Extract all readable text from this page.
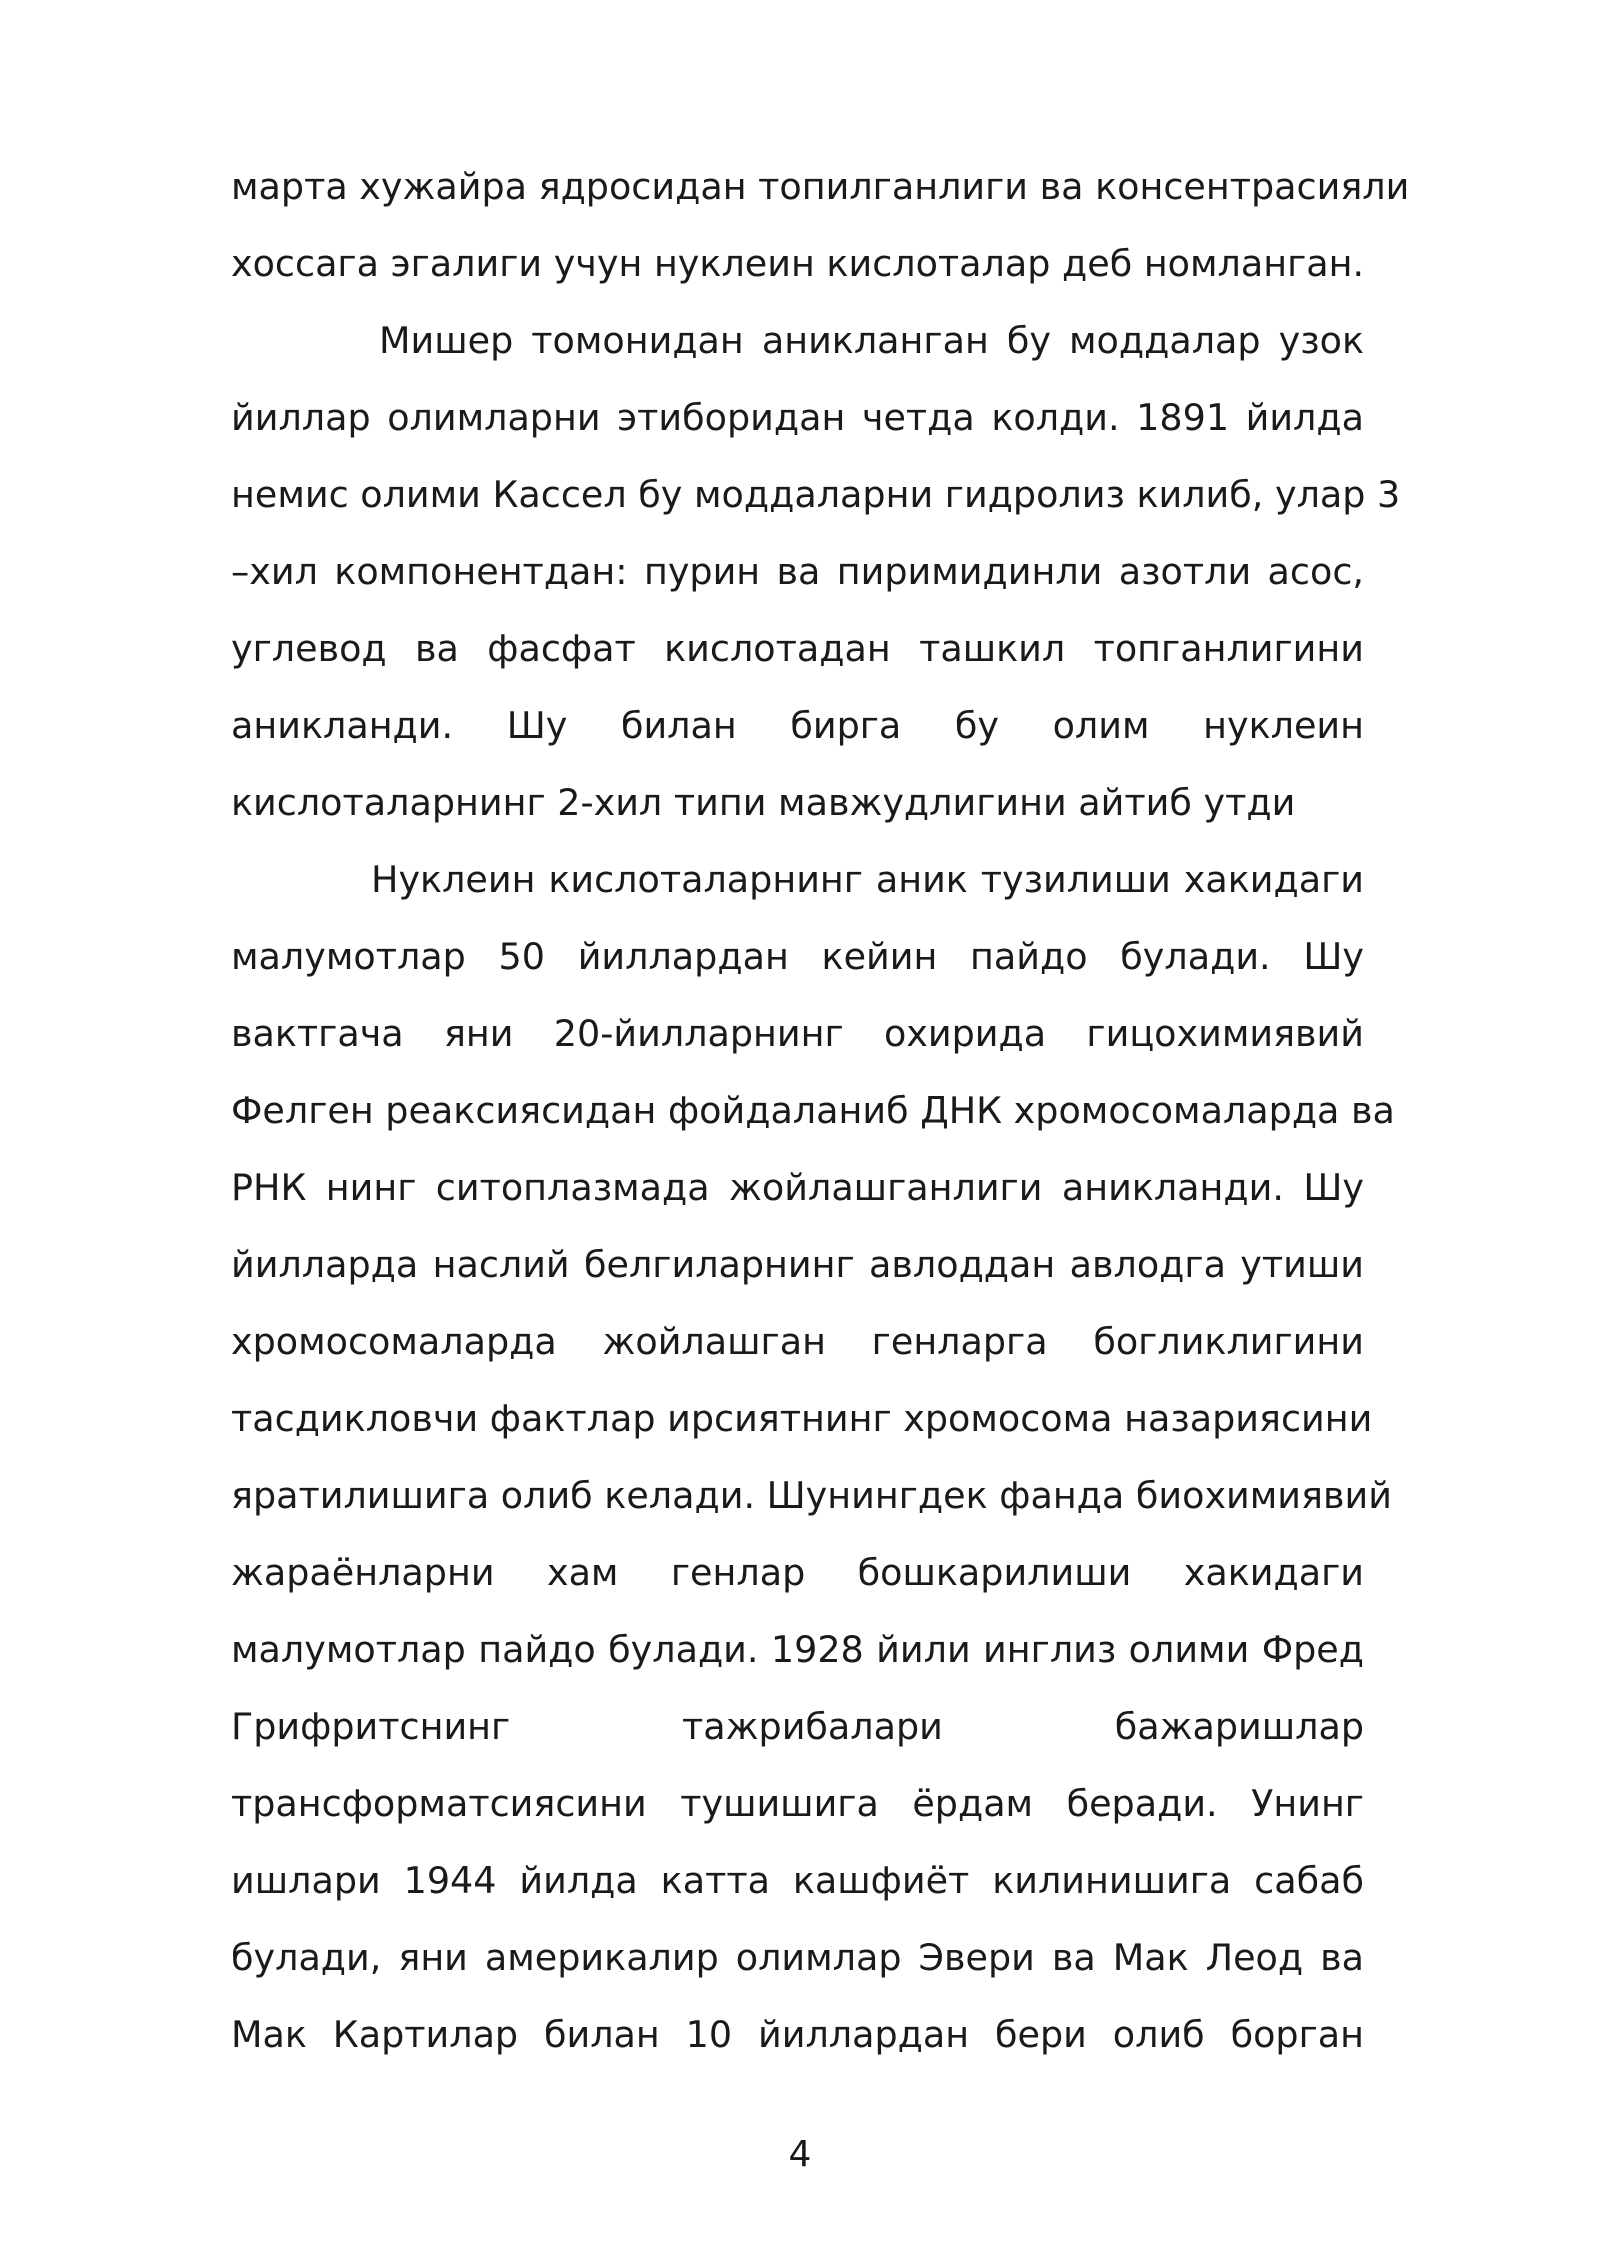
марта хужайра ядросидан топилганлиги ва консентрасияли
хоссага эгалиги учун нуклеин кислоталар деб номланган.
Мишер томонидан аникланган бу моддалар узок
йиллар олимларни этиборидан четда колди. 1891 йилда
немис олими Кассел бу моддаларни гидролиз килиб, улар 3
–хил компонентдан: пурин ва пиримидинли азотли асос,
углевод ва фасфат кислотадан ташкил топганлигини
аникланди. Шу билан бирга бу олим нуклеин
кислоталарнинг 2-хил типи мавжудлигини айтиб утди
Нуклеин кислоталарнинг аник тузилиши хакидаги
малумотлар 50 йиллардан кейин пайдо булади. Шу
вактгача яни 20-йилларнинг охирида гицохимиявий
Фелген реаксиясидан фойдаланиб ДНК хромосомаларда ва
РНК нинг ситоплазмада жойлашганлиги аникланди. Шу
йилларда наслий белгиларнинг авлоддан авлодга утиши
хромосомаларда жойлашган генларга богликлигини
тасдикловчи фактлар ирсиятнинг хромосома назариясини
яратилишига олиб келади. Шунингдек фанда биохимиявий
жараёнларни хам генлар бошкарилиши хакидаги
малумотлар пайдо булади. 1928 йили инглиз олими Фред
Грифритснинг тажрибалари бажаришлар
трансформатсиясини тушишига ёрдам беради. Унинг
ишлари 1944 йилда катта кашфиёт килинишига сабаб
булади, яни америкалир олимлар Эвери ва Мак Леод ва
Мак Картилар билан 10 йиллардан бери олиб борган
4
